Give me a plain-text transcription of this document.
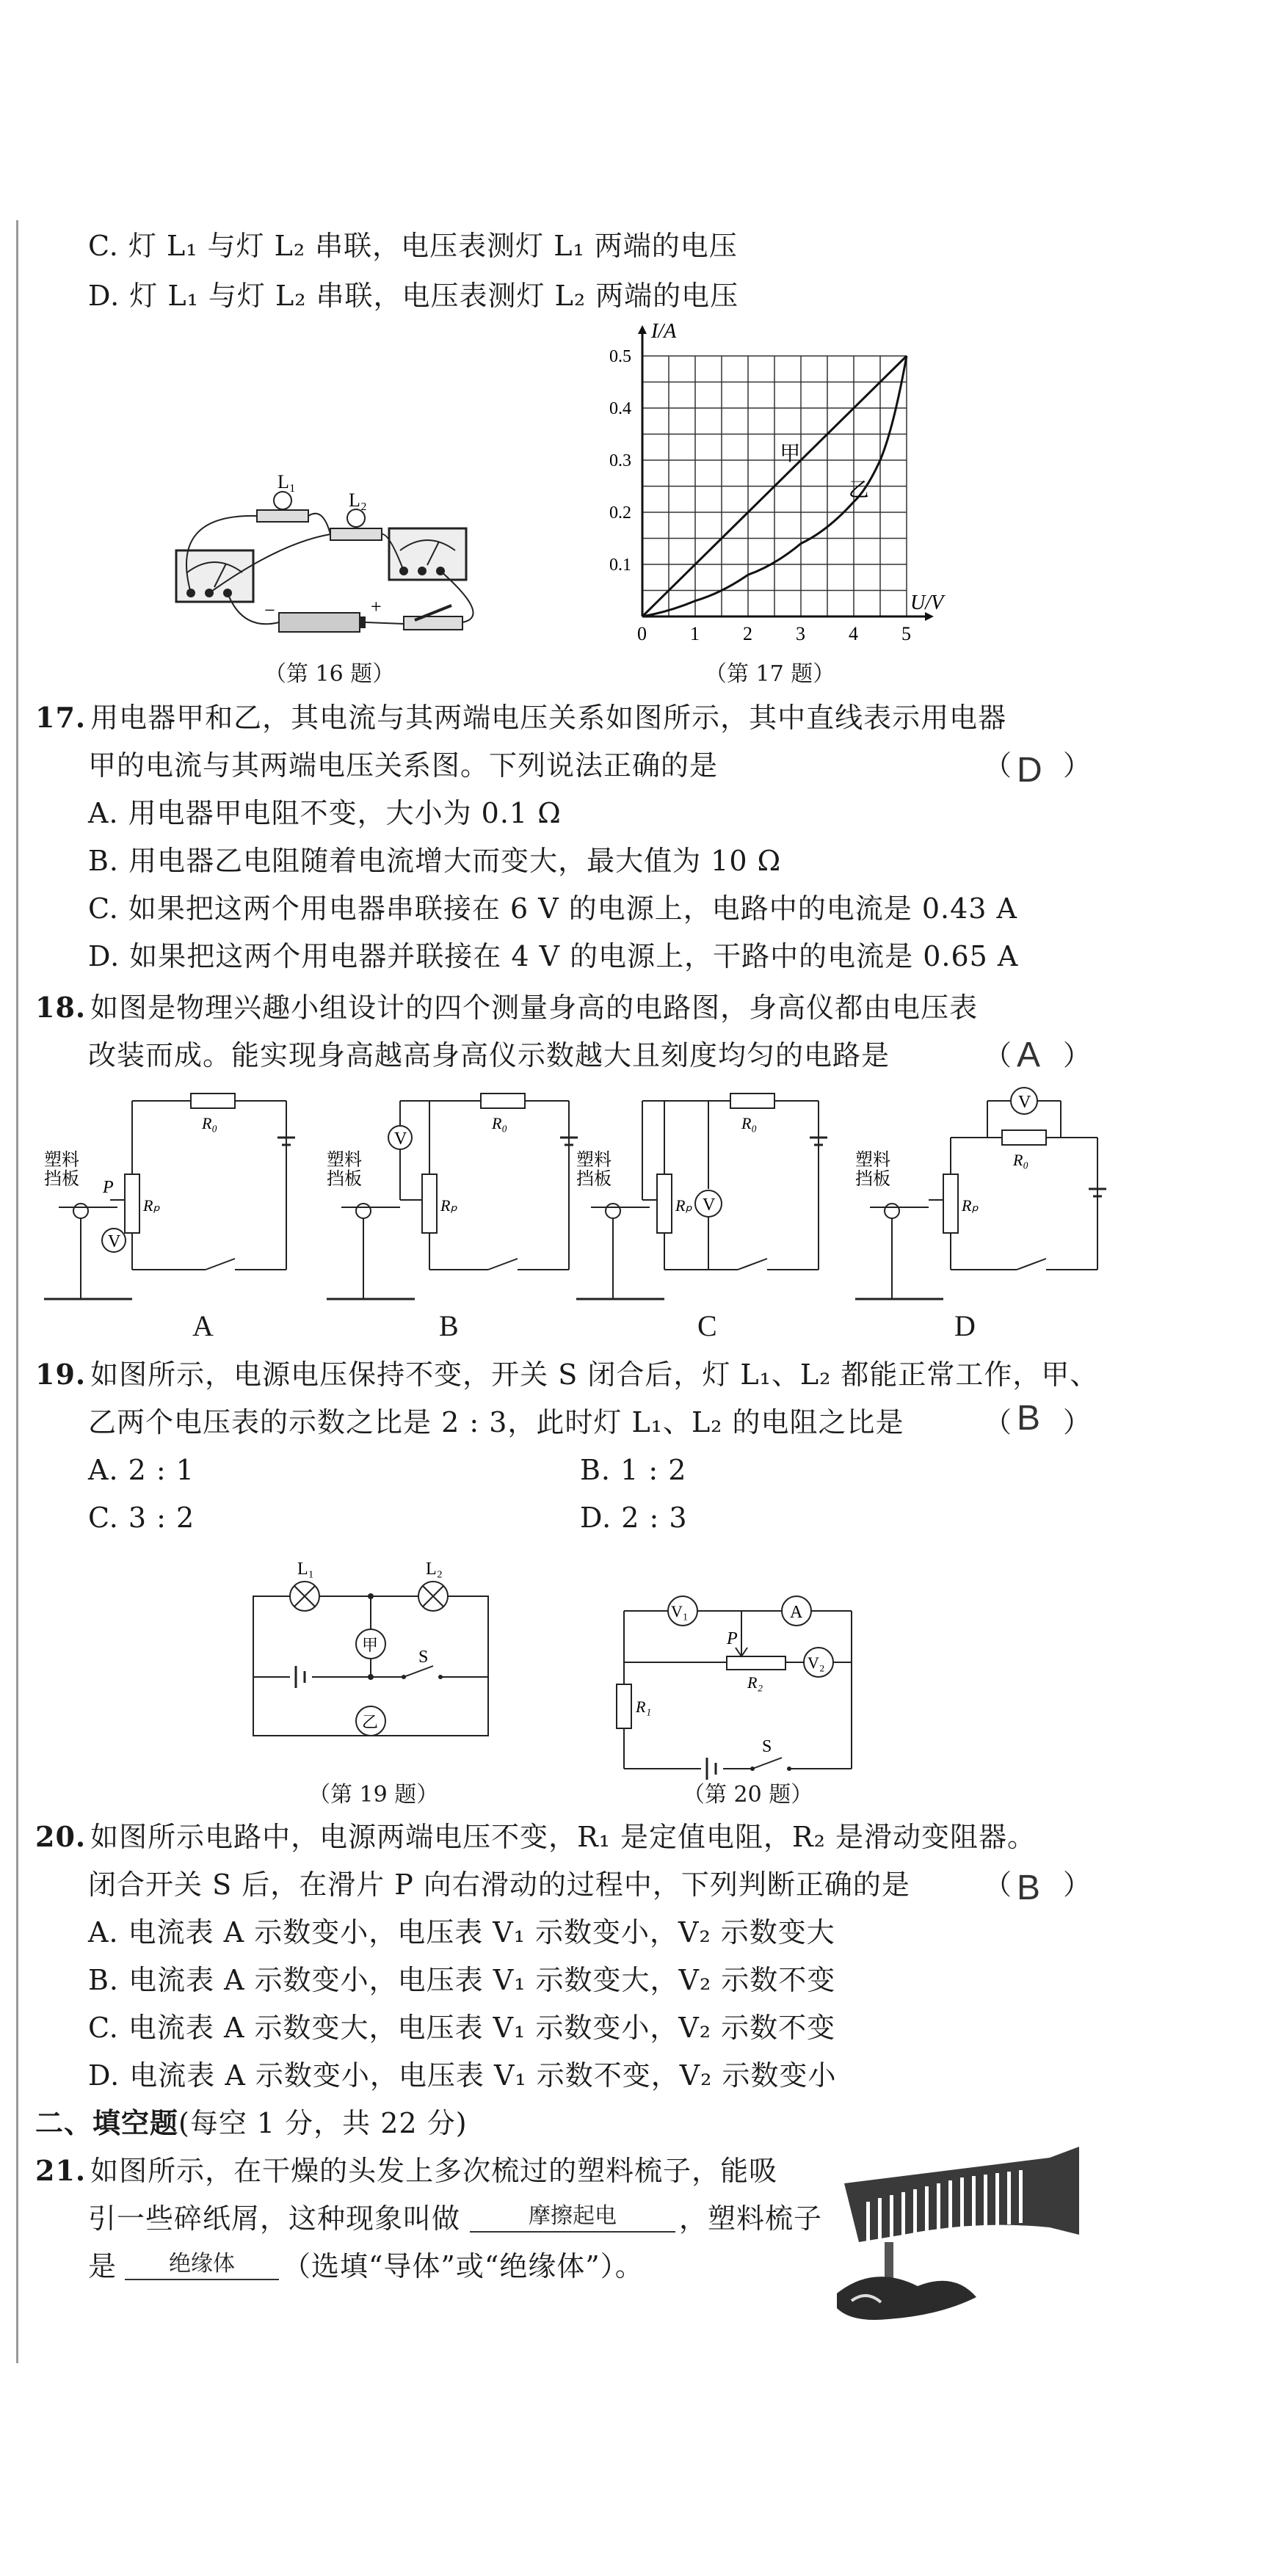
C. 灯 L₁ 与灯 L₂ 串联，电压表测灯 L₁ 两端的电压
D. 灯 L₁ 与灯 L₂ 串联，电压表测灯 L₂ 两端的电压
L₁
L₂
−	+
（第 16 题）
0 1 2 3 4 5
0.1
0.2
0.3
0.4
0.5
I/A
U/V
甲
乙
（第 17 题）
17. 用电器甲和乙，其电流与其两端电压关系如图所示，其中直线表示用电器
甲的电流与其两端电压关系图。下列说法正确的是	（ D ）
A. 用电器甲电阻不变，大小为 0.1 Ω
B. 用电器乙电阻随着电流增大而变大，最大值为 10 Ω
C. 如果把这两个用电器串联接在 6 V 的电源上，电路中的电流是 0.43 A
D. 如果把这两个用电器并联接在 4 V 的电源上，干路中的电流是 0.65 A
18. 如图是物理兴趣小组设计的四个测量身高的电路图，身高仪都由电压表
改装而成。能实现身高越高身高仪示数越大且刻度均匀的电路是	（ A ）
V
塑料
挡板 P
Rₚ
R₀
A
V
塑料
挡板
Rₚ
R₀
B
V
塑料
挡板
Rₚ
R₀
C
V
塑料
挡板
Rₚ
R₀
D
19. 如图所示，电源电压保持不变，开关 S 闭合后，灯 L₁、L₂ 都能正常工作，甲、
乙两个电压表的示数之比是 2 : 3，此时灯 L₁、L₂ 的电阻之比是	（ B ）
A. 2 : 1	B. 1 : 2
C. 3 : 2	D. 2 : 3
L₁	L₂
甲
乙
S
（第 19 题）
V₁	A
V₂
P
R₂
R₁
S
（第 20 题）
20. 如图所示电路中，电源两端电压不变，R₁ 是定值电阻，R₂ 是滑动变阻器。
闭合开关 S 后，在滑片 P 向右滑动的过程中，下列判断正确的是	（ B ）
A. 电流表 A 示数变小，电压表 V₁ 示数变小，V₂ 示数变大
B. 电流表 A 示数变小，电压表 V₁ 示数变大，V₂ 示数不变
C. 电流表 A 示数变大，电压表 V₁ 示数变小，V₂ 示数不变
D. 电流表 A 示数变小，电压表 V₁ 示数不变，V₂ 示数变小
二、填空题(每空 1 分，共 22 分)
21. 如图所示，在干燥的头发上多次梳过的塑料梳子，能吸
引一些碎纸屑，这种现象叫做	摩擦起电	，塑料梳子
是	绝缘体	（选填“导体”或“绝缘体”）。
